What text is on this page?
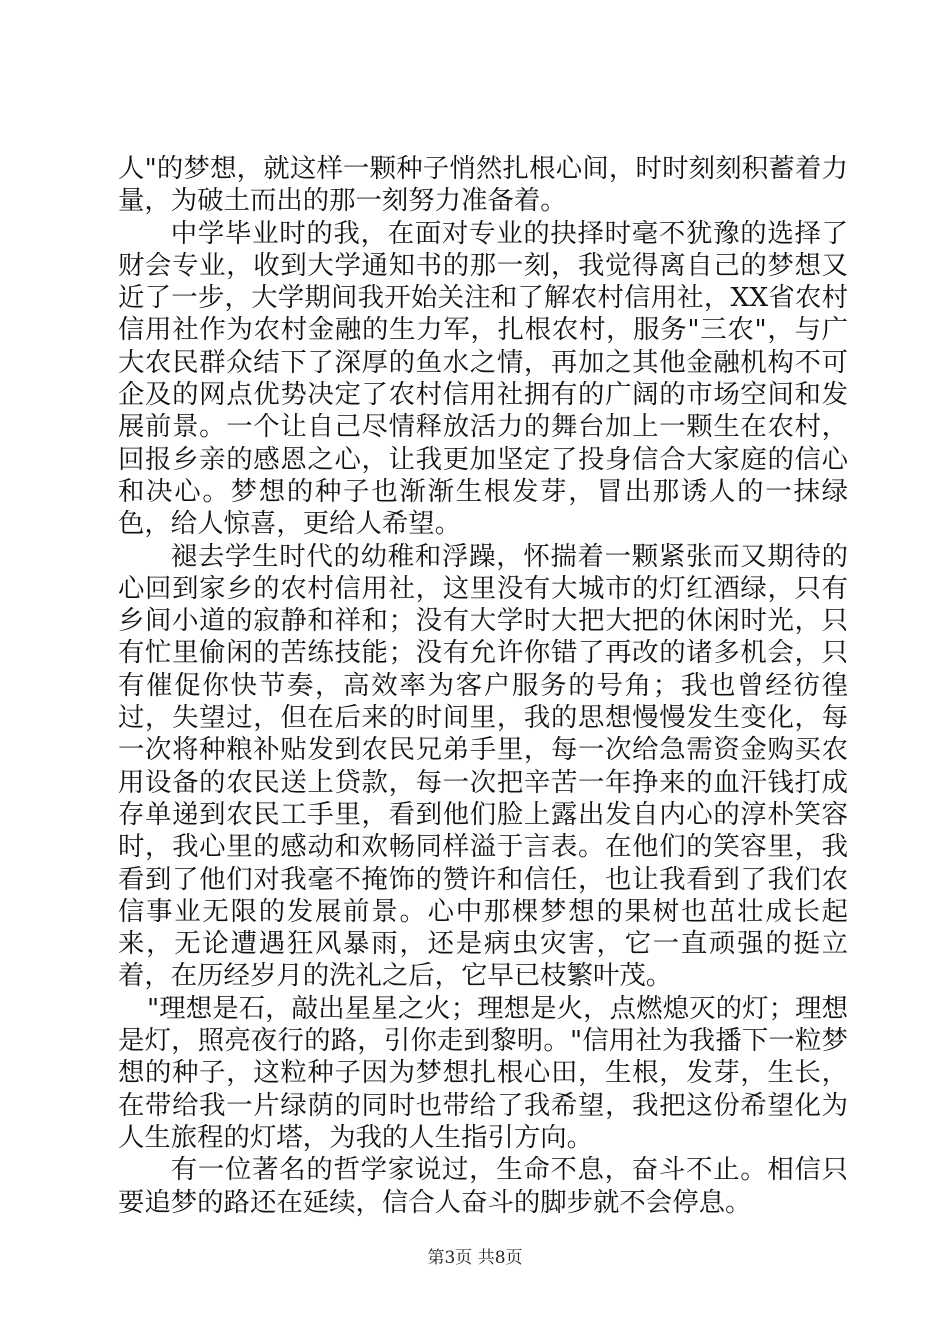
人"的梦想，就这样一颗种子悄然扎根心间，时时刻刻积蓄着力量，为破土而出的那一刻努力准备着。

中学毕业时的我，在面对专业的抉择时毫不犹豫的选择了财会专业，收到大学通知书的那一刻，我觉得离自己的梦想又近了一步，大学期间我开始关注和了解农村信用社，XX省农村信用社作为农村金融的生力军，扎根农村，服务"三农"，与广大农民群众结下了深厚的鱼水之情，再加之其他金融机构不可企及的网点优势决定了农村信用社拥有的广阔的市场空间和发展前景。一个让自己尽情释放活力的舞台加上一颗生在农村，回报乡亲的感恩之心，让我更加坚定了投身信合大家庭的信心和决心。梦想的种子也渐渐生根发芽，冒出那诱人的一抹绿色，给人惊喜，更给人希望。

褪去学生时代的幼稚和浮躁，怀揣着一颗紧张而又期待的心回到家乡的农村信用社，这里没有大城市的灯红酒绿，只有乡间小道的寂静和祥和；没有大学时大把大把的休闲时光，只有忙里偷闲的苦练技能；没有允许你错了再改的诸多机会，只有催促你快节奏，高效率为客户服务的号角；我也曾经彷徨过，失望过，但在后来的时间里，我的思想慢慢发生变化，每一次将种粮补贴发到农民兄弟手里，每一次给急需资金购买农用设备的农民送上贷款，每一次把辛苦一年挣来的血汗钱打成存单递到农民工手里，看到他们脸上露出发自内心的淳朴笑容时，我心里的感动和欢畅同样溢于言表。在他们的笑容里，我看到了他们对我毫不掩饰的赞许和信任，也让我看到了我们农信事业无限的发展前景。心中那棵梦想的果树也茁壮成长起来，无论遭遇狂风暴雨，还是病虫灾害，它一直顽强的挺立着，在历经岁月的洗礼之后，它早已枝繁叶茂。

"理想是石，敲出星星之火；理想是火，点燃熄灭的灯；理想是灯，照亮夜行的路，引你走到黎明。"信用社为我播下一粒梦想的种子，这粒种子因为梦想扎根心田，生根，发芽，生长，在带给我一片绿荫的同时也带给了我希望，我把这份希望化为人生旅程的灯塔，为我的人生指引方向。

有一位著名的哲学家说过，生命不息，奋斗不止。相信只要追梦的路还在延续，信合人奋斗的脚步就不会停息。

第3页 共8页
